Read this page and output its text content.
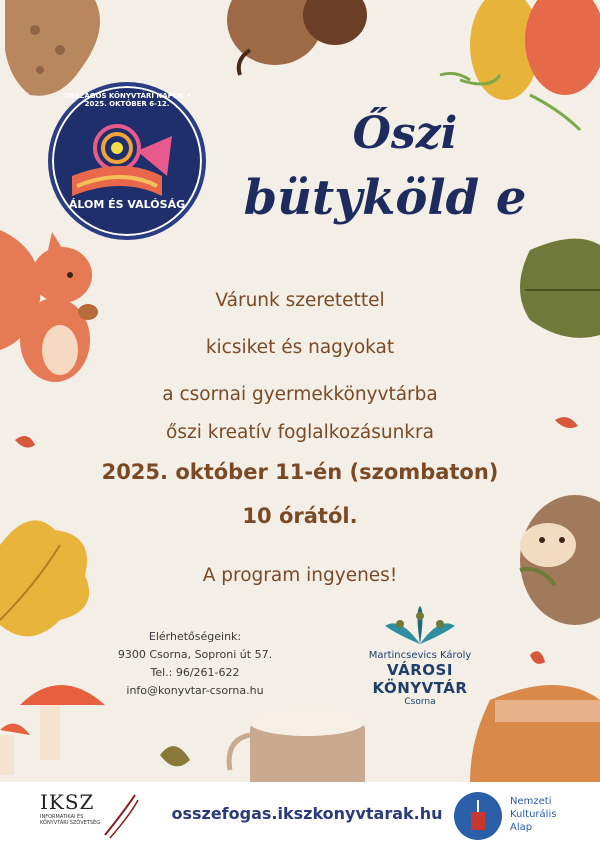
ORSZÁGOS KÖNYVTÁRI NAPOK • 2025. OKTÓBER 6-12.
ÁLOM ÉS VALÓSÁG
Őszi
bütyköld e
Várunk szeretettel
kicsiket és nagyokat
a csornai gyermekkönyvtárba
őszi kreatív foglalkozásunkra
2025. október 11-én (szombaton)
10 órától.
A program ingyenes!
Elérhetőségeink:
9300 Csorna, Soproni út 57.
Tel.: 96/261-622
info@konyvtar-csorna.hu
Martincsevics Károly
VÁROSI KÖNYVTÁR
Csorna
IKSZ
INFORMATIKAI ÉS
KÖNYVTÁRI SZÖVETSÉG	osszefogas.ikszkonyvtarak.hu
Nemzeti
Kulturális
Alap
